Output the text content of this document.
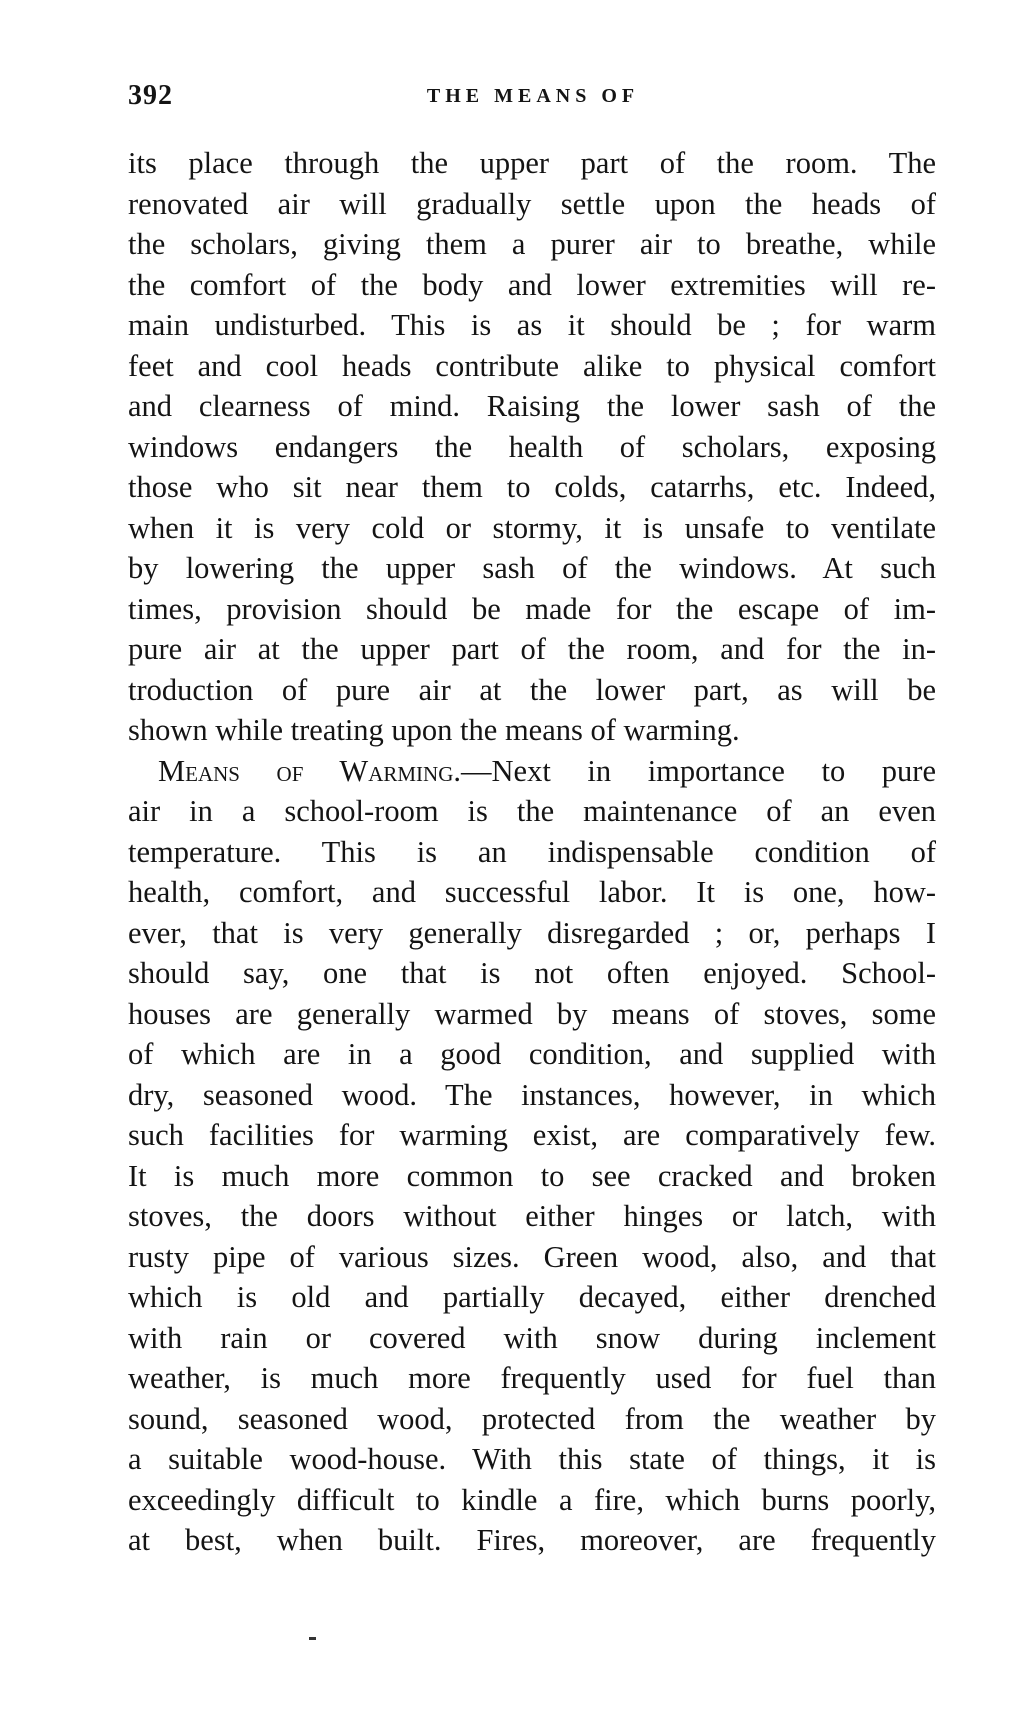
392	THE MEANS OF
its place through the upper part of the room. The
renovated air will gradually settle upon the heads of
the scholars, giving them a purer air to breathe, while
the comfort of the body and lower extremities will re-
main undisturbed. This is as it should be ; for warm
feet and cool heads contribute alike to physical comfort
and clearness of mind. Raising the lower sash of the
windows endangers the health of scholars, exposing
those who sit near them to colds, catarrhs, etc. Indeed,
when it is very cold or stormy, it is unsafe to ventilate
by lowering the upper sash of the windows. At such
times, provision should be made for the escape of im-
pure air at the upper part of the room, and for the in-
troduction of pure air at the lower part, as will be
shown while treating upon the means of warming.
Means of Warming.—Next in importance to pure
air in a school-room is the maintenance of an even
temperature. This is an indispensable condition of
health, comfort, and successful labor. It is one, how-
ever, that is very generally disregarded ; or, perhaps I
should say, one that is not often enjoyed. School-
houses are generally warmed by means of stoves, some
of which are in a good condition, and supplied with
dry, seasoned wood. The instances, however, in which
such facilities for warming exist, are comparatively few.
It is much more common to see cracked and broken
stoves, the doors without either hinges or latch, with
rusty pipe of various sizes. Green wood, also, and that
which is old and partially decayed, either drenched
with rain or covered with snow during inclement
weather, is much more frequently used for fuel than
sound, seasoned wood, protected from the weather by
a suitable wood-house. With this state of things, it is
exceedingly difficult to kindle a fire, which burns poorly,
at best, when built. Fires, moreover, are frequently
